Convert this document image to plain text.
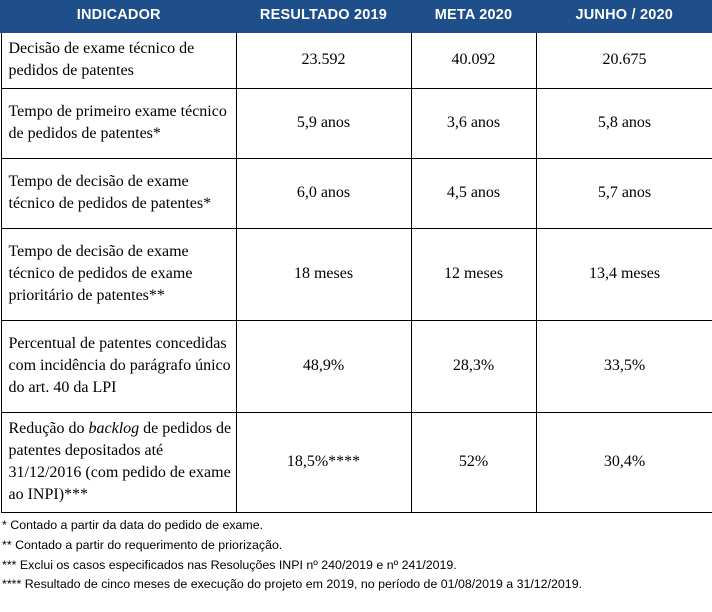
INDICADOR	RESULTADO 2019	META 2020	JUNHO / 2020
Decisão de exame técnico de pedidos de patentes	23.592	40.092	20.675
Tempo de primeiro exame técnico de pedidos de patentes*	5,9 anos	3,6 anos	5,8 anos
Tempo de decisão de exame técnico de pedidos de patentes*	6,0 anos	4,5 anos	5,7 anos
Tempo de decisão de exame técnico de pedidos de exame prioritário de patentes**	18 meses	12 meses	13,4 meses
Percentual de patentes concedidas com incidência do parágrafo único do art. 40 da LPI	48,9%	28,3%	33,5%
Redução do backlog de pedidos de patentes depositados até 31/12/2016 (com pedido de exame ao INPI)***	18,5%****	52%	30,4%
* Contado a partir da data do pedido de exame.
** Contado a partir do requerimento de priorização.
*** Exclui os casos especificados nas Resoluções INPI nº 240/2019 e nº 241/2019.
**** Resultado de cinco meses de execução do projeto em 2019, no período de 01/08/2019 a 31/12/2019.
